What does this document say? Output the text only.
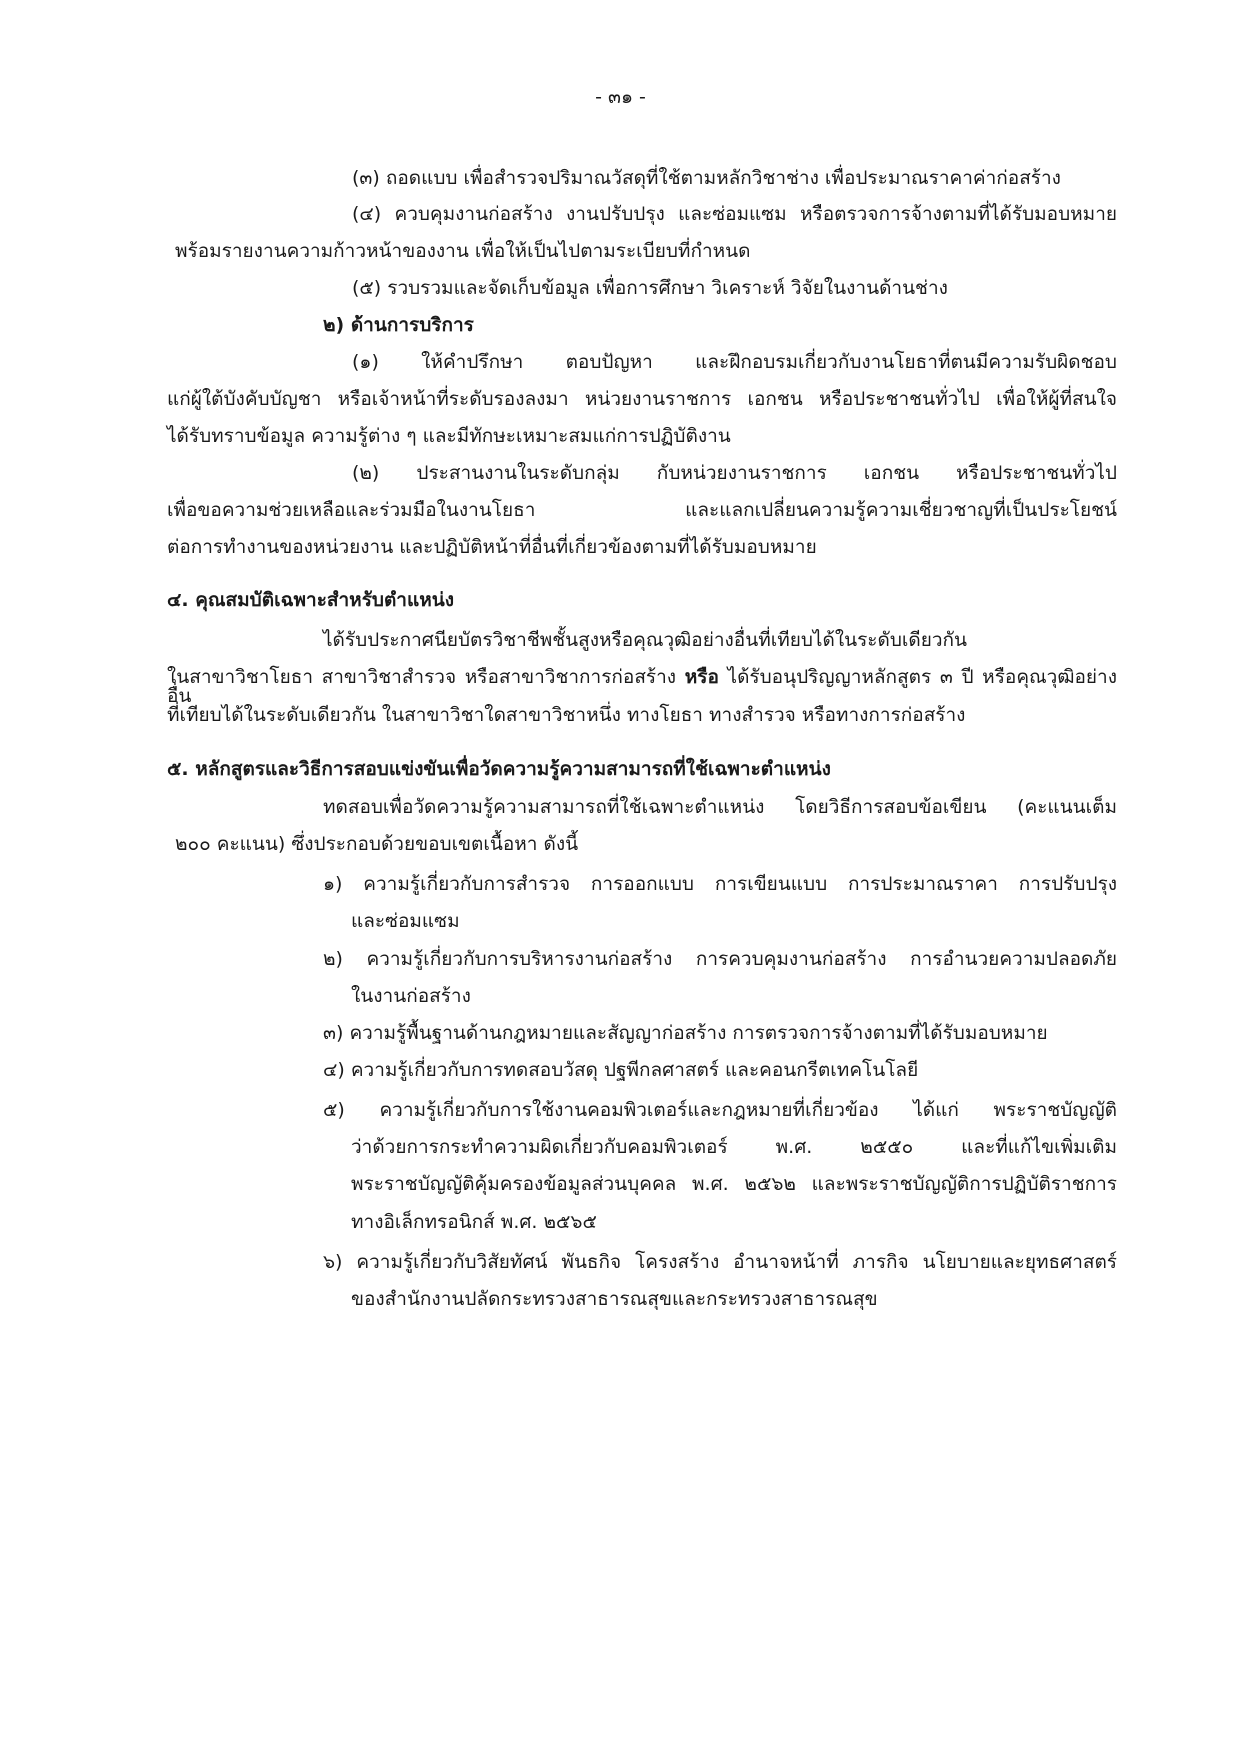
- ๓๑ -
(๓) ถอดแบบ เพื่อสำรวจปริมาณวัสดุที่ใช้ตามหลักวิชาช่าง เพื่อประมาณราคาค่าก่อสร้าง
(๔) ควบคุมงานก่อสร้าง งานปรับปรุง และซ่อมแซม หรือตรวจการจ้างตามที่ได้รับมอบหมาย
พร้อมรายงานความก้าวหน้าของงาน เพื่อให้เป็นไปตามระเบียบที่กำหนด
(๕) รวบรวมและจัดเก็บข้อมูล เพื่อการศึกษา วิเคราะห์ วิจัยในงานด้านช่าง
๒) ด้านการบริการ
(๑) ให้คำปรึกษา ตอบปัญหา และฝึกอบรมเกี่ยวกับงานโยธาที่ตนมีความรับผิดชอบ
แก่ผู้ใต้บังคับบัญชา หรือเจ้าหน้าที่ระดับรองลงมา หน่วยงานราชการ เอกชน หรือประชาชนทั่วไป เพื่อให้ผู้ที่สนใจ
ได้รับทราบข้อมูล ความรู้ต่าง ๆ และมีทักษะเหมาะสมแก่การปฏิบัติงาน
(๒) ประสานงานในระดับกลุ่ม กับหน่วยงานราชการ เอกชน หรือประชาชนทั่วไป
เพื่อขอความช่วยเหลือและร่วมมือในงานโยธา และแลกเปลี่ยนความรู้ความเชี่ยวชาญที่เป็นประโยชน์
ต่อการทำงานของหน่วยงาน และปฏิบัติหน้าที่อื่นที่เกี่ยวข้องตามที่ได้รับมอบหมาย
๔. คุณสมบัติเฉพาะสำหรับตำแหน่ง
ได้รับประกาศนียบัตรวิชาชีพชั้นสูงหรือคุณวุฒิอย่างอื่นที่เทียบได้ในระดับเดียวกัน
ในสาขาวิชาโยธา สาขาวิชาสำรวจ หรือสาขาวิชาการก่อสร้าง หรือ ได้รับอนุปริญญาหลักสูตร ๓ ปี หรือคุณวุฒิอย่างอื่น
ที่เทียบได้ในระดับเดียวกัน ในสาขาวิชาใดสาขาวิชาหนึ่ง ทางโยธา ทางสำรวจ หรือทางการก่อสร้าง
๕. หลักสูตรและวิธีการสอบแข่งขันเพื่อวัดความรู้ความสามารถที่ใช้เฉพาะตำแหน่ง
ทดสอบเพื่อวัดความรู้ความสามารถที่ใช้เฉพาะตำแหน่ง โดยวิธีการสอบข้อเขียน (คะแนนเต็ม
๒๐๐ คะแนน) ซึ่งประกอบด้วยขอบเขตเนื้อหา ดังนี้
๑) ความรู้เกี่ยวกับการสำรวจ การออกแบบ การเขียนแบบ การประมาณราคา การปรับปรุง
และซ่อมแซม
๒) ความรู้เกี่ยวกับการบริหารงานก่อสร้าง การควบคุมงานก่อสร้าง การอำนวยความปลอดภัย
ในงานก่อสร้าง
๓) ความรู้พื้นฐานด้านกฎหมายและสัญญาก่อสร้าง การตรวจการจ้างตามที่ได้รับมอบหมาย
๔) ความรู้เกี่ยวกับการทดสอบวัสดุ ปฐพีกลศาสตร์ และคอนกรีตเทคโนโลยี
๕) ความรู้เกี่ยวกับการใช้งานคอมพิวเตอร์และกฎหมายที่เกี่ยวข้อง ได้แก่ พระราชบัญญัติ
ว่าด้วยการกระทำความผิดเกี่ยวกับคอมพิวเตอร์ พ.ศ. ๒๕๕๐ และที่แก้ไขเพิ่มเติม
พระราชบัญญัติคุ้มครองข้อมูลส่วนบุคคล พ.ศ. ๒๕๖๒ และพระราชบัญญัติการปฏิบัติราชการ
ทางอิเล็กทรอนิกส์ พ.ศ. ๒๕๖๕
๖) ความรู้เกี่ยวกับวิสัยทัศน์ พันธกิจ โครงสร้าง อำนาจหน้าที่ ภารกิจ นโยบายและยุทธศาสตร์
ของสำนักงานปลัดกระทรวงสาธารณสุขและกระทรวงสาธารณสุข
